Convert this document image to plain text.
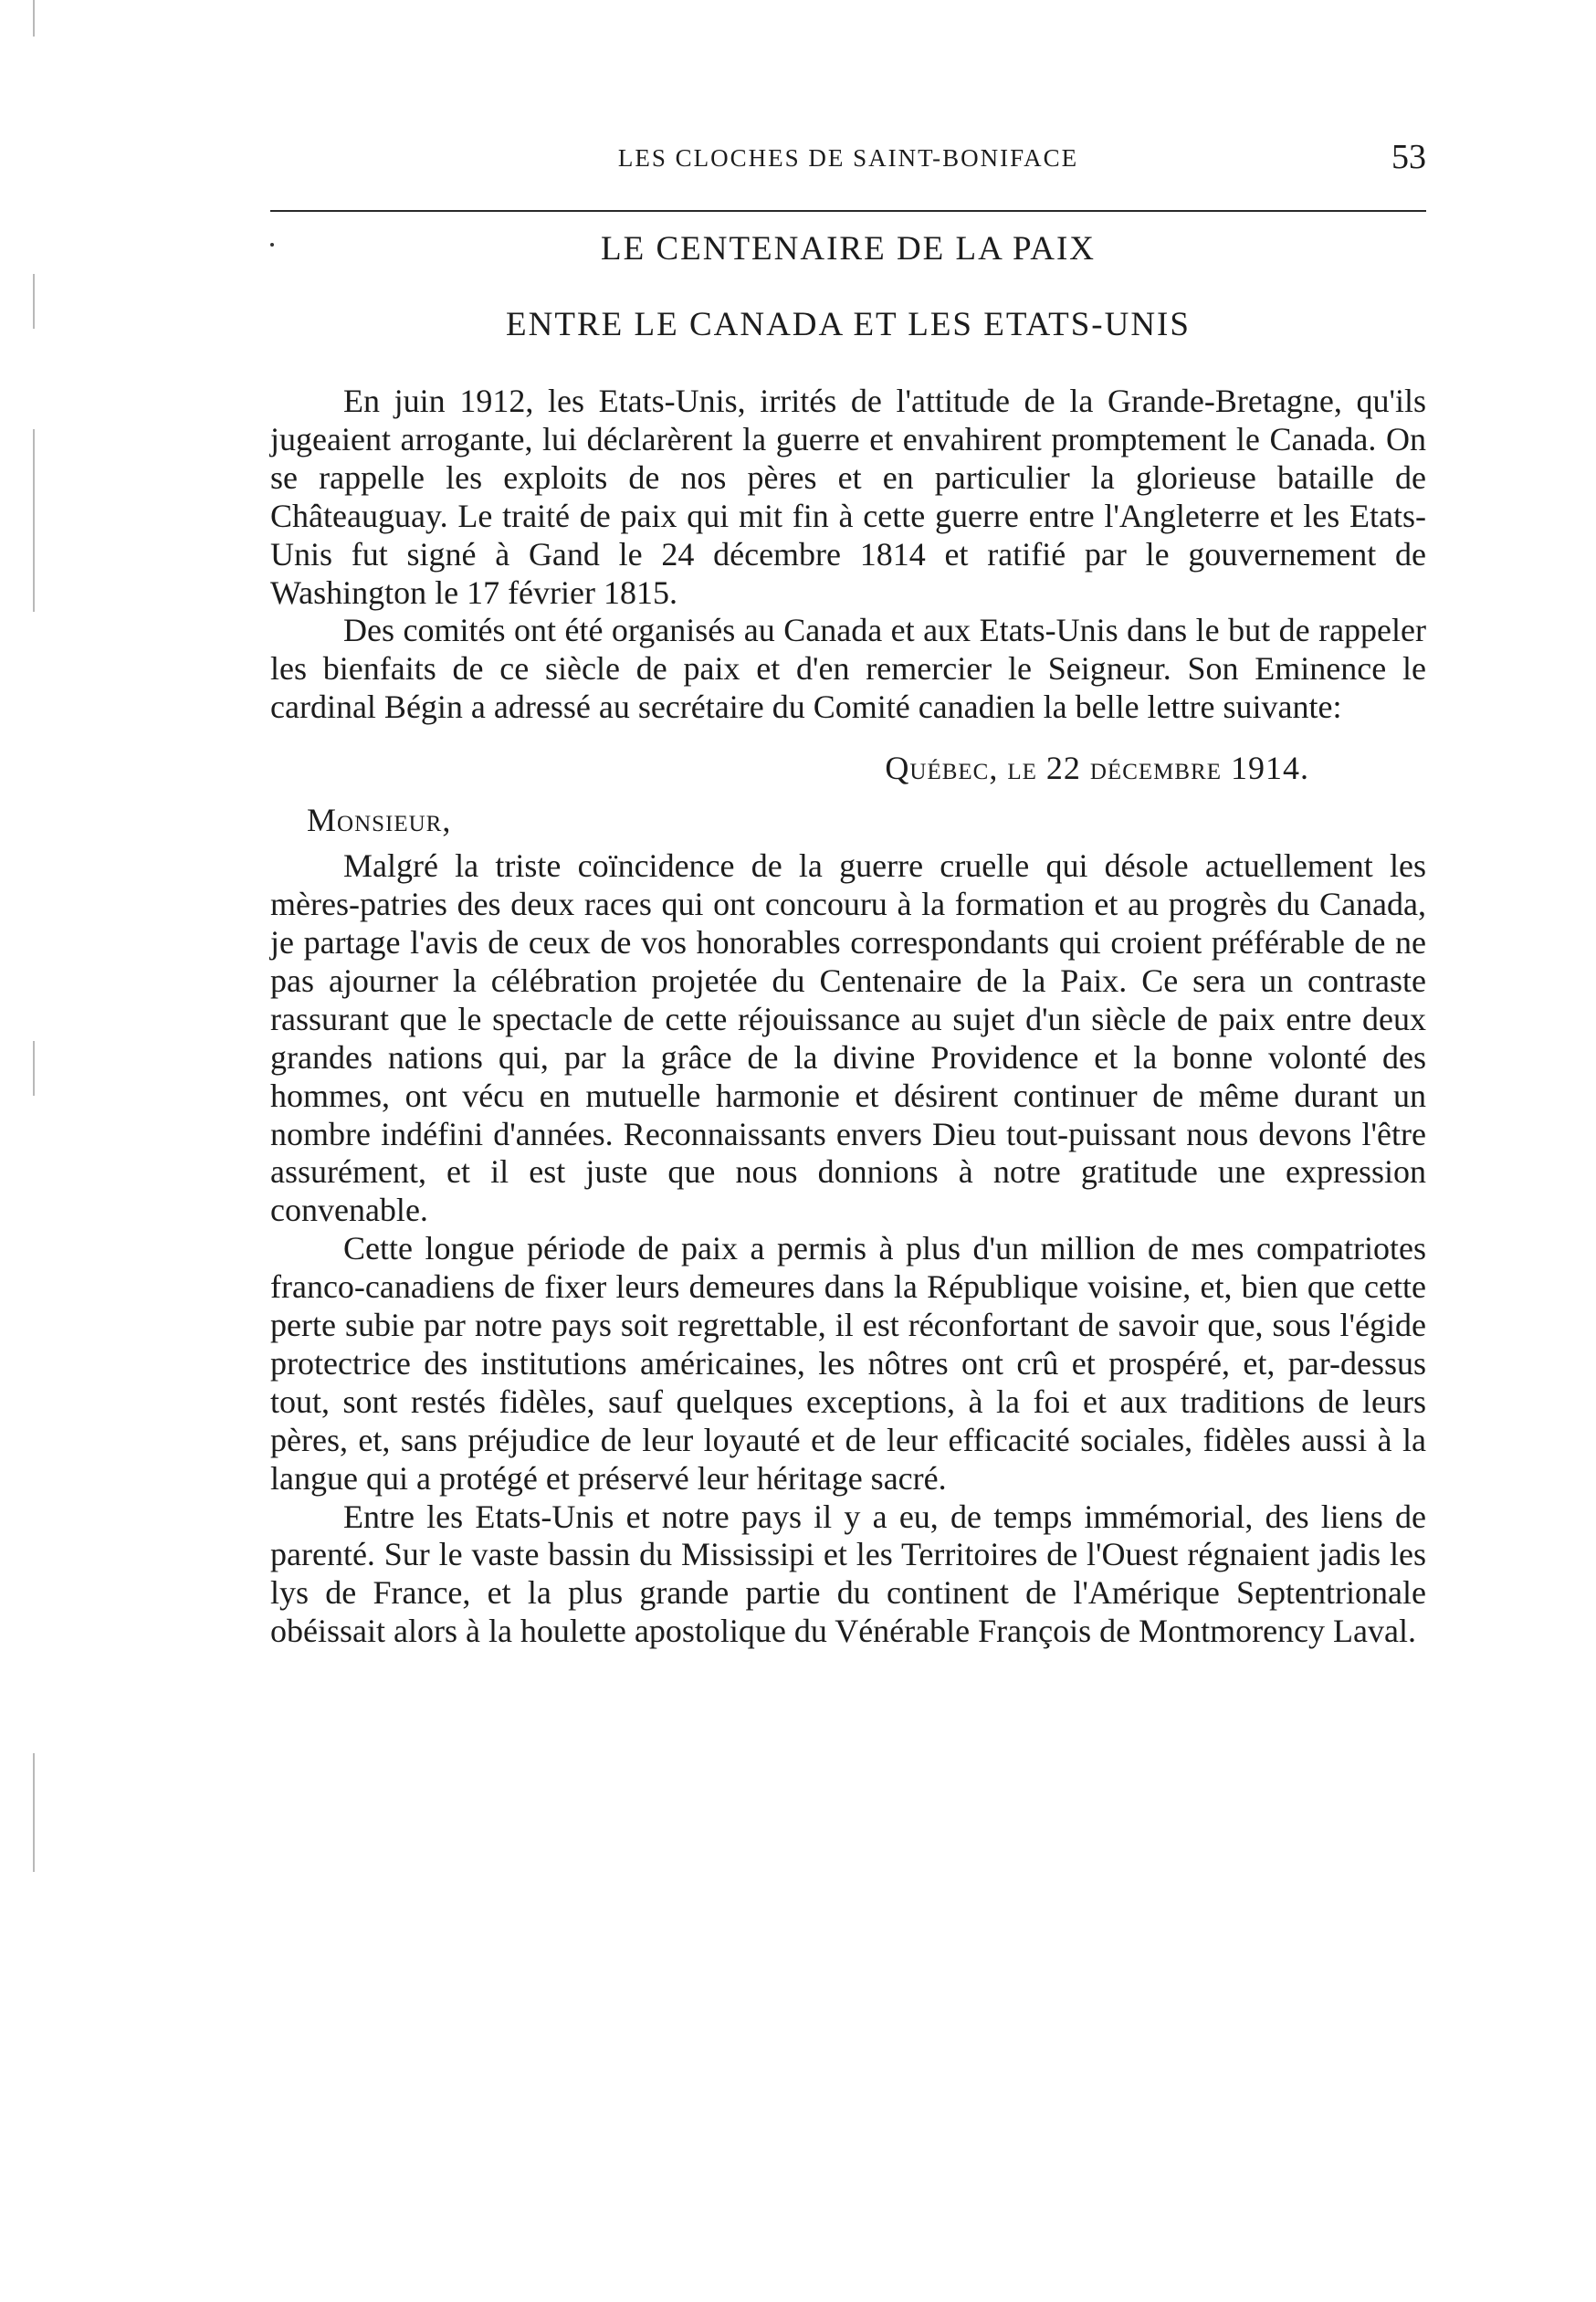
LES CLOCHES DE SAINT-BONIFACE	53
LE CENTENAIRE DE LA PAIX
ENTRE LE CANADA ET LES ETATS-UNIS

En juin 1912, les Etats-Unis, irrités de l'attitude de la Grande-Bretagne, qu'ils jugeaient arrogante, lui déclarèrent la guerre et envahirent promptement le Canada. On se rappelle les exploits de nos pères et en particulier la glorieuse bataille de Châteauguay. Le traité de paix qui mit fin à cette guerre entre l'Angleterre et les Etats-Unis fut signé à Gand le 24 décembre 1814 et ratifié par le gouvernement de Washington le 17 février 1815.

Des comités ont été organisés au Canada et aux Etats-Unis dans le but de rappeler les bienfaits de ce siècle de paix et d'en remercier le Seigneur. Son Eminence le cardinal Bégin a adressé au secrétaire du Comité canadien la belle lettre suivante:

Québec, le 22 décembre 1914.
Monsieur,

Malgré la triste coïncidence de la guerre cruelle qui désole actuellement les mères-patries des deux races qui ont concouru à la formation et au progrès du Canada, je partage l'avis de ceux de vos honorables correspondants qui croient préférable de ne pas ajourner la célébration projetée du Centenaire de la Paix. Ce sera un contraste rassurant que le spectacle de cette réjouissance au sujet d'un siècle de paix entre deux grandes nations qui, par la grâce de la divine Providence et la bonne volonté des hommes, ont vécu en mutuelle harmonie et désirent continuer de même durant un nombre indéfini d'années. Reconnaissants envers Dieu tout-puissant nous devons l'être assurément, et il est juste que nous donnions à notre gratitude une expression convenable.

Cette longue période de paix a permis à plus d'un million de mes compatriotes franco-canadiens de fixer leurs demeures dans la République voisine, et, bien que cette perte subie par notre pays soit regrettable, il est réconfortant de savoir que, sous l'égide protectrice des institutions américaines, les nôtres ont crû et prospéré, et, par-dessus tout, sont restés fidèles, sauf quelques exceptions, à la foi et aux traditions de leurs pères, et, sans préjudice de leur loyauté et de leur efficacité sociales, fidèles aussi à la langue qui a protégé et préservé leur héritage sacré.

Entre les Etats-Unis et notre pays il y a eu, de temps immémorial, des liens de parenté. Sur le vaste bassin du Mississipi et les Territoires de l'Ouest régnaient jadis les lys de France, et la plus grande partie du continent de l'Amérique Septentrionale obéissait alors à la houlette apostolique du Vénérable François de Montmorency Laval.
